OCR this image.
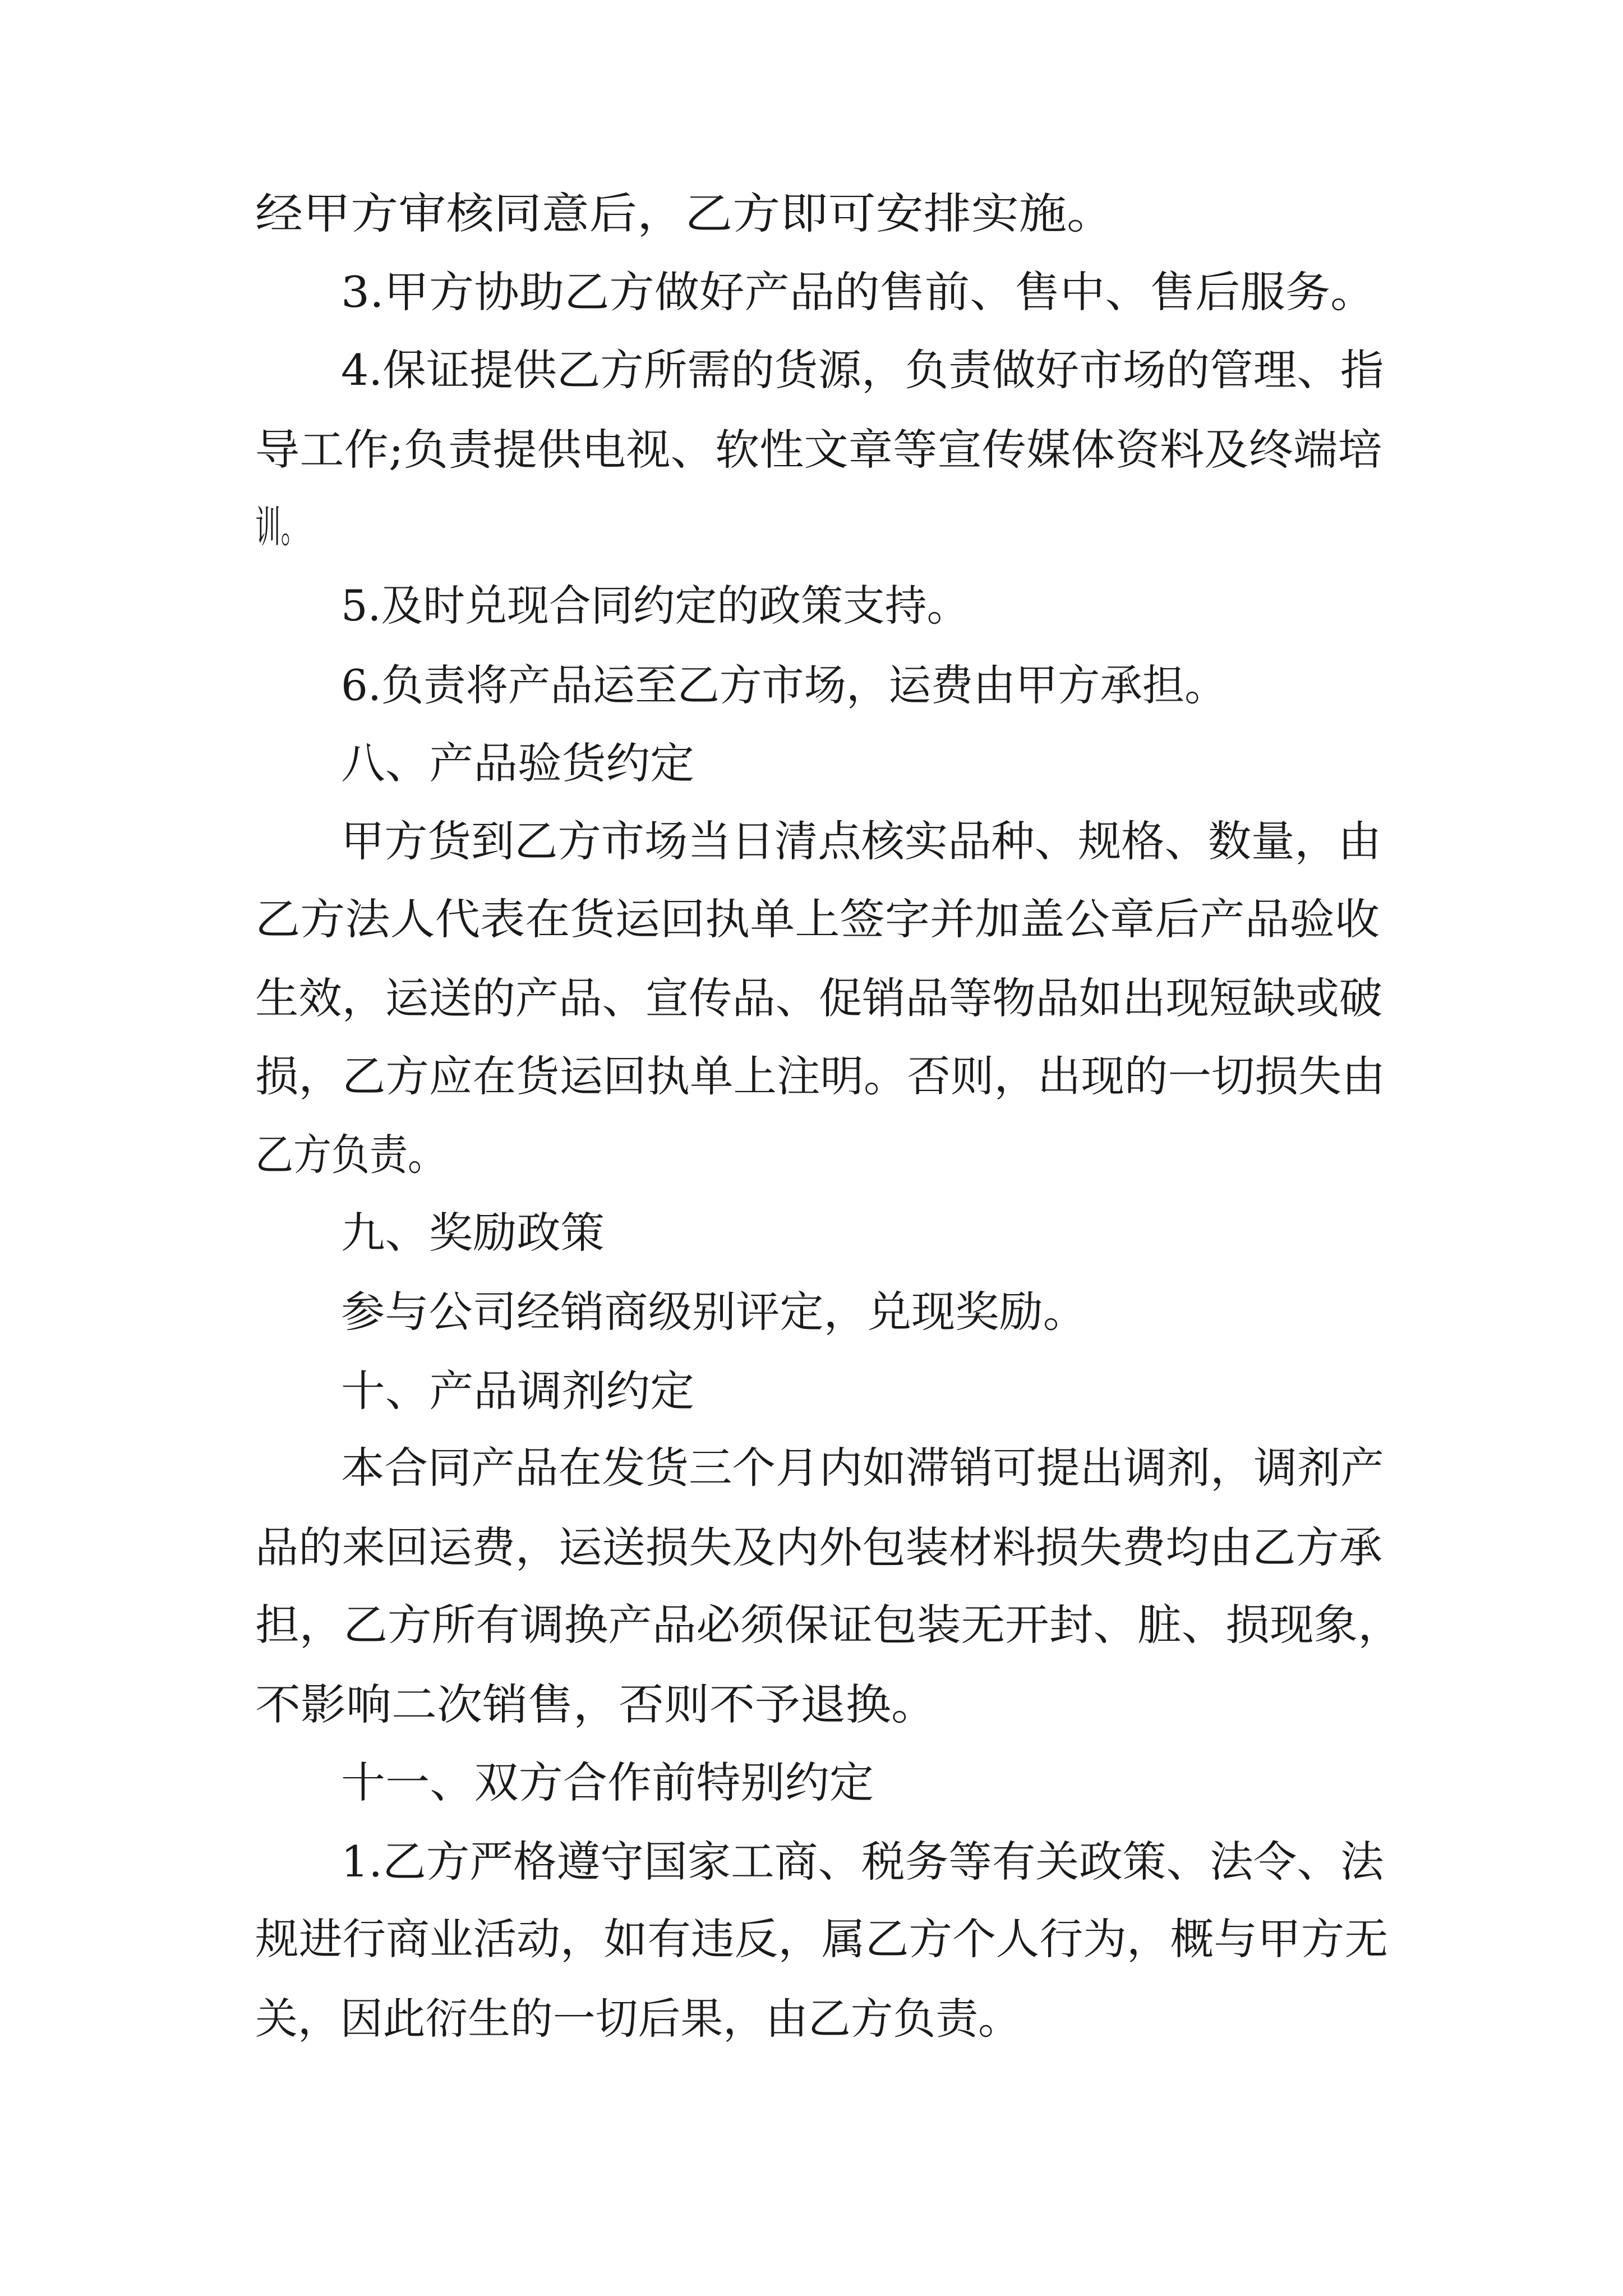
经甲方审核同意后，乙方即可安排实施。

3.甲方协助乙方做好产品的售前、售中、售后服务。

4.保证提供乙方所需的货源，负责做好市场的管理、指

导工作;负责提供电视、软性文章等宣传媒体资料及终端培

训。

5.及时兑现合同约定的政策支持。

6.负责将产品运至乙方市场，运费由甲方承担。

八、产品验货约定

甲方货到乙方市场当日清点核实品种、规格、数量，由

乙方法人代表在货运回执单上签字并加盖公章后产品验收

生效，运送的产品、宣传品、促销品等物品如出现短缺或破

损，乙方应在货运回执单上注明。否则，出现的一切损失由

乙方负责。

九、奖励政策

参与公司经销商级别评定，兑现奖励。

十、产品调剂约定

本合同产品在发货三个月内如滞销可提出调剂，调剂产

品的来回运费，运送损失及内外包装材料损失费均由乙方承

担，乙方所有调换产品必须保证包装无开封、脏、损现象，

不影响二次销售，否则不予退换。

十一、双方合作前特别约定

1.乙方严格遵守国家工商、税务等有关政策、法令、法

规进行商业活动，如有违反，属乙方个人行为，概与甲方无

关，因此衍生的一切后果，由乙方负责。
